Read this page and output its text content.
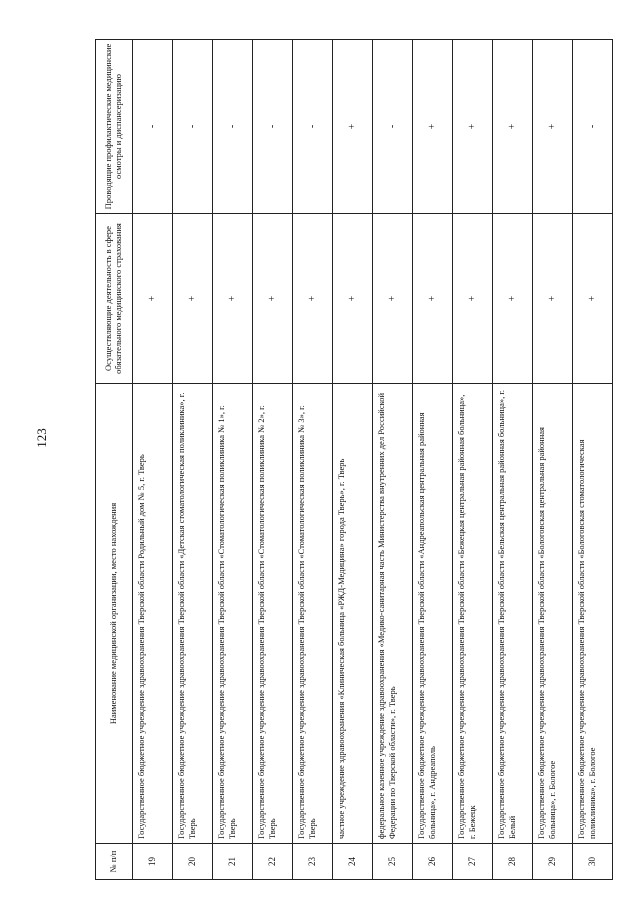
123
№ п/п	Наименование медицинской организации, место нахождения	Осуществляющие деятельность в сфере обязательного медицинского страхования	Проводящие профилактические медицинские осмотры и диспансеризацию
19	Государственное бюджетное учреждение здравоохранения Тверской области Родильный дом № 5, г. Тверь	+	-
20	Государственное бюджетное учреждение здравоохранения Тверской области «Детская стоматологическая поликлиника», г. Тверь	+	-
21	Государственное бюджетное учреждение здравоохранения Тверской области «Стоматологическая поликлиника № 1», г. Тверь	+	-
22	Государственное бюджетное учреждение здравоохранения Тверской области «Стоматологическая поликлиника № 2», г. Тверь	+	-
23	Государственное бюджетное учреждение здравоохранения Тверской области «Стоматологическая поликлиника № 3», г. Тверь	+	-
24	частное учреждение здравоохранения «Клиническая больница «РЖД-Медицина» города Тверь», г. Тверь	+	+
25	федеральное казенное учреждение здравоохранения «Медико-санитарная часть Министерства внутренних дел Российской Федерации по Тверской области», г. Тверь	+	-
26	Государственное бюджетное учреждение здравоохранения Тверской области «Андреапольская центральная районная больница», г. Андреаполь	+	+
27	Государственное бюджетное учреждение здравоохранения Тверской области «Бежецкая центральная районная больница», г. Бежецк	+	+
28	Государственное бюджетное учреждение здравоохранения Тверской области «Бельская центральная районная больница», г. Белый	+	+
29	Государственное бюджетное учреждение здравоохранения Тверской области «Бологовская центральная районная больница», г. Бологое	+	+
30	Государственное бюджетное учреждение здравоохранения Тверской области «Бологовская стоматологическая поликлиника», г. Бологое	+	-
